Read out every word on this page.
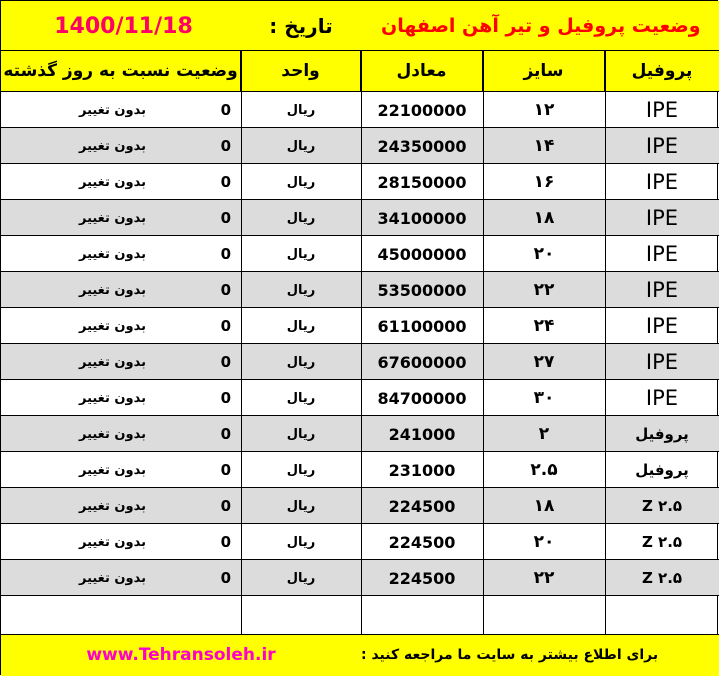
1400/11/18	تاریخ :	وضعیت پروفیل و تیر آهن اصفهان
وضعیت نسبت به روز گذشته	واحد	معادل	سایز	پروفیل
بدون تغییر	0	ریال	22100000	۱۲	IPE
بدون تغییر	0	ریال	24350000	۱۴	IPE
بدون تغییر	0	ریال	28150000	۱۶	IPE
بدون تغییر	0	ریال	34100000	۱۸	IPE
بدون تغییر	0	ریال	45000000	۲۰	IPE
بدون تغییر	0	ریال	53500000	۲۲	IPE
بدون تغییر	0	ریال	61100000	۲۴	IPE
بدون تغییر	0	ریال	67600000	۲۷	IPE
بدون تغییر	0	ریال	84700000	۳۰	IPE
بدون تغییر	0	ریال	241000	۲	پروفیل
بدون تغییر	0	ریال	231000	۲.۵	پروفیل
بدون تغییر	0	ریال	224500	۱۸	Z ۲.۵
بدون تغییر	0	ریال	224500	۲۰	Z ۲.۵
بدون تغییر	0	ریال	224500	۲۲	Z ۲.۵
www.Tehransoleh.ir	برای اطلاع بیشتر به سایت ما مراجعه کنید :
